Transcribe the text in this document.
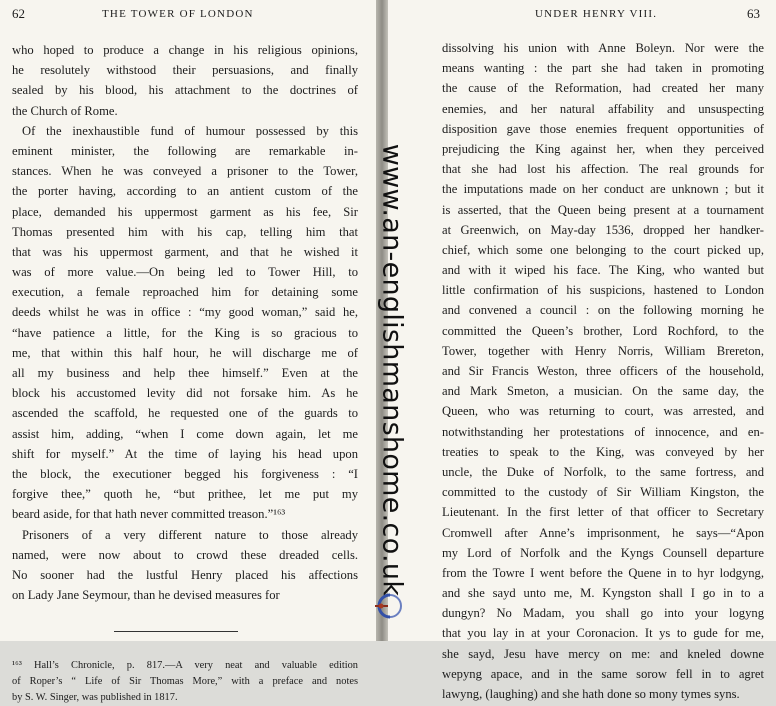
62	THE TOWER OF LONDON
who hoped to produce a change in his religious opinions,
he resolutely withstood their persuasions, and finally
sealed by his blood, his attachment to the doctrines of
the Church of Rome.
Of the inexhaustible fund of humour possessed by this
eminent minister, the following are remarkable in-
stances. When he was conveyed a prisoner to the Tower,
the porter having, according to an antient custom of the
place, demanded his uppermost garment as his fee, Sir
Thomas presented him with his cap, telling him that
that was his uppermost garment, and that he wished it
was of more value.—On being led to Tower Hill, to
execution, a female reproached him for detaining some
deeds whilst he was in office : “my good woman,” said he,
“have patience a little, for the King is so gracious to
me, that within this half hour, he will discharge me of
all my business and help thee himself.” Even at the
block his accustomed levity did not forsake him. As he
ascended the scaffold, he requested one of the guards to
assist him, adding, “when I come down again, let me
shift for myself.” At the time of laying his head upon
the block, the executioner begged his forgiveness : “I
forgive thee,” quoth he, “but prithee, let me put my
beard aside, for that hath never committed treason.”¹⁶³
Prisoners of a very different nature to those already
named, were now about to crowd these dreaded cells.
No sooner had the lustful Henry placed his affections
on Lady Jane Seymour, than he devised measures for
¹⁶³ Hall’s Chronicle, p. 817.—A very neat and valuable edition
of Roper’s “ Life of Sir Thomas More,” with a preface and notes
by S. W. Singer, was published in 1817.
UNDER HENRY VIII.	63
dissolving his union with Anne Boleyn. Nor were the
means wanting : the part she had taken in promoting
the cause of the Reformation, had created her many
enemies, and her natural affability and unsuspecting
disposition gave those enemies frequent opportunities of
prejudicing the King against her, when they perceived
that she had lost his affection. The real grounds for
the imputations made on her conduct are unknown ; but it
is asserted, that the Queen being present at a tournament
at Greenwich, on May-day 1536, dropped her handker-
chief, which some one belonging to the court picked up,
and with it wiped his face. The King, who wanted but
little confirmation of his suspicions, hastened to London
and convened a council : on the following morning he
committed the Queen’s brother, Lord Rochford, to the
Tower, together with Henry Norris, William Brereton,
and Sir Francis Weston, three officers of the household,
and Mark Smeton, a musician. On the same day, the
Queen, who was returning to court, was arrested, and
notwithstanding her protestations of innocence, and en-
treaties to speak to the King, was conveyed by her
uncle, the Duke of Norfolk, to the same fortress, and
committed to the custody of Sir William Kingston, the
Lieutenant. In the first letter of that officer to Secretary
Cromwell after Anne’s imprisonment, he says—“Apon
my Lord of Norfolk and the Kyngs Counsell departure
from the Towre I went before the Quene in to hyr lodgyng,
and she sayd unto me, M. Kyngston shall I go in to a
dungyn? No Madam, you shall go into your logyng
that you lay in at your Coronacion. It ys to gude for me,
she sayd, Jesu have mercy on me: and kneled downe
wepyng apace, and in the same sorow fell in to agret
lawyng, (laughing) and she hath done so mony tymes syns.
www.an-englishmanshome.co.uk
